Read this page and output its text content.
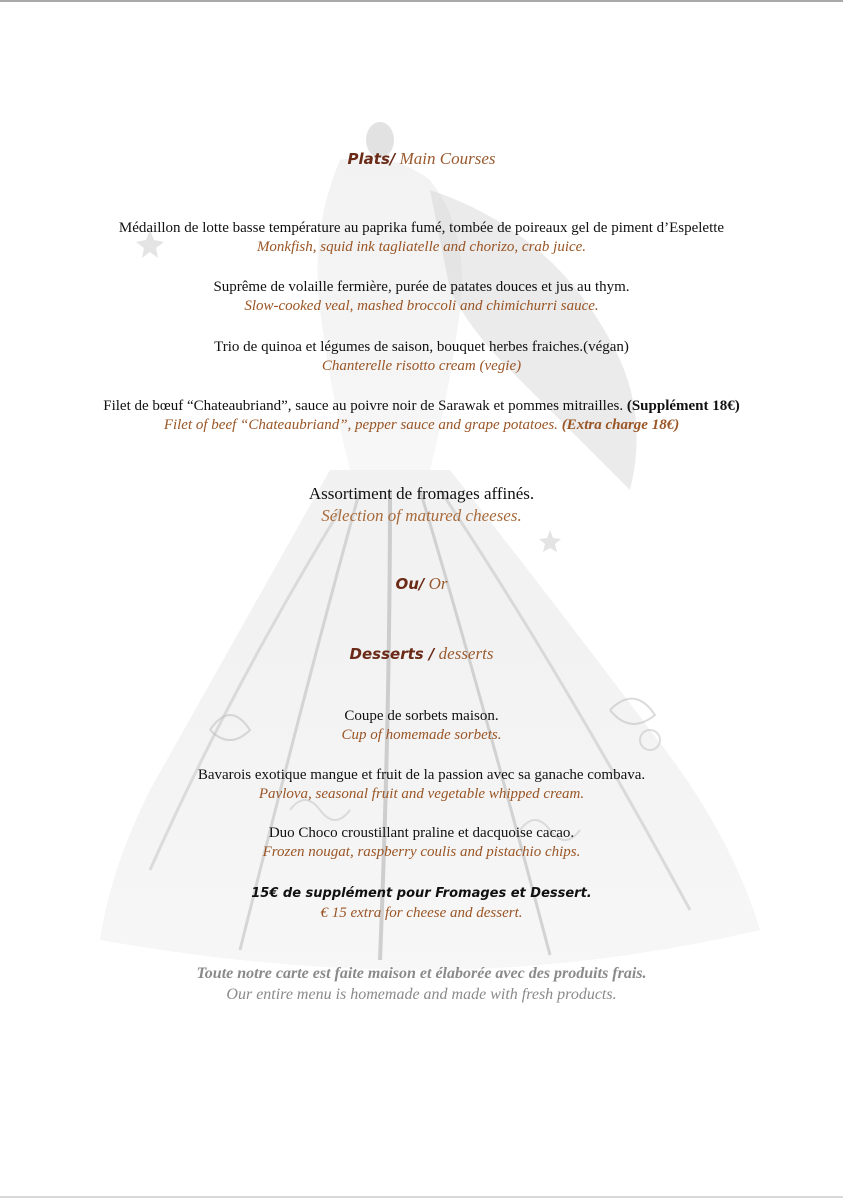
Plats/ Main Courses
Médaillon de lotte basse température au paprika fumé, tombée de poireaux gel de piment d’Espelette
Monkfish, squid ink tagliatelle and chorizo, crab juice.
Suprême de volaille fermière, purée de patates douces et jus au thym.
Slow-cooked veal, mashed broccoli and chimichurri sauce.
Trio de quinoa et légumes de saison, bouquet herbes fraiches.(végan)
Chanterelle risotto cream (vegie)
Filet de bœuf “Chateaubriand”, sauce au poivre noir de Sarawak et pommes mitrailles. (Supplément 18€)
Filet of beef “Chateaubriand”, pepper sauce and grape potatoes. (Extra charge 18€)
Assortiment de fromages affinés.
Sélection of matured cheeses.
Ou/ Or
Desserts / desserts
Coupe de sorbets maison.
Cup of homemade sorbets.
Bavarois exotique mangue et fruit de la passion avec sa ganache combava.
Pavlova, seasonal fruit and vegetable whipped cream.
Duo Choco croustillant praline et dacquoise cacao.
Frozen nougat, raspberry coulis and pistachio chips.
15€ de supplément pour Fromages et Dessert.
€ 15 extra for cheese and dessert.
Toute notre carte est faite maison et élaborée avec des produits frais.
Our entire menu is homemade and made with fresh products.
